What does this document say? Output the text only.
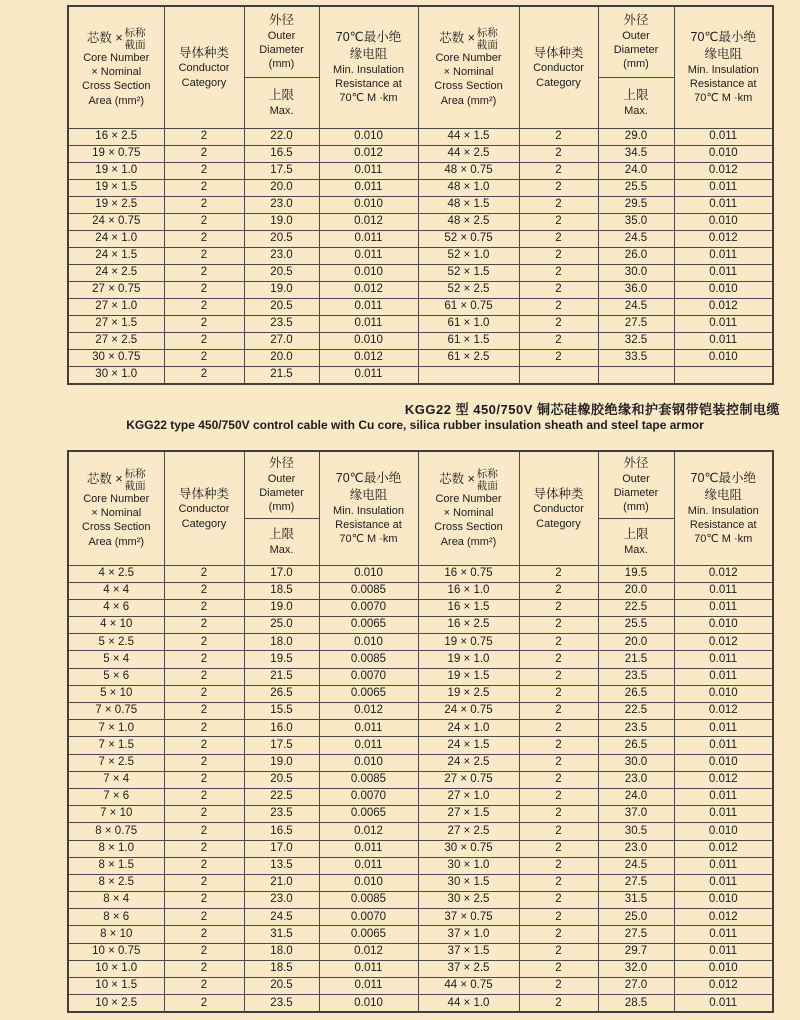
芯数 × 标称
截面
Core Number
× Nominal
Cross Section
Area (mm²)

导体种类
Conductor
Category

外径
Outer
Diameter
(mm)

70℃最小绝
缘电阻
Min. Insulation
Resistance at
70℃ M ·km

芯数 × 标称
截面
Core Number
× Nominal
Cross Section
Area (mm²)

导体种类
Conductor
Category

外径
Outer
Diameter
(mm)

70℃最小绝
缘电阻
Min. Insulation
Resistance at
70℃ M ·km

		上限
Max.				上限
Max.	

16 × 2.5	2	22.0	0.010	44 × 1.5	2	29.0	0.011
19 × 0.75	2	16.5	0.012	44 × 2.5	2	34.5	0.010
19 × 1.0	2	17.5	0.011	48 × 0.75	2	24.0	0.012
19 × 1.5	2	20.0	0.011	48 × 1.0	2	25.5	0.011
19 × 2.5	2	23.0	0.010	48 × 1.5	2	29.5	0.011
24 × 0.75	2	19.0	0.012	48 × 2.5	2	35.0	0.010
24 × 1.0	2	20.5	0.011	52 × 0.75	2	24.5	0.012
24 × 1.5	2	23.0	0.011	52 × 1.0	2	26.0	0.011
24 × 2.5	2	20.5	0.010	52 × 1.5	2	30.0	0.011
27 × 0.75	2	19.0	0.012	52 × 2.5	2	36.0	0.010
27 × 1.0	2	20.5	0.011	61 × 0.75	2	24.5	0.012
27 × 1.5	2	23.5	0.011	61 × 1.0	2	27.5	0.011
27 × 2.5	2	27.0	0.010	61 × 1.5	2	32.5	0.011
30 × 0.75	2	20.0	0.012	61 × 2.5	2	33.5	0.010
30 × 1.0	2	21.5	0.011				
KGG22 型 450/750V 铜芯硅橡胶绝缘和护套钢带铠装控制电缆
KGG22 type 450/750V control cable with Cu core, silica rubber insulation sheath and steel tape armor
芯数 × 标称
截面
Core Number
× Nominal
Cross Section
Area (mm²)

导体种类
Conductor
Category

外径
Outer
Diameter
(mm)

70℃最小绝
缘电阻
Min. Insulation
Resistance at
70℃ M ·km

芯数 × 标称
截面
Core Number
× Nominal
Cross Section
Area (mm²)

导体种类
Conductor
Category

外径
Outer
Diameter
(mm)

70℃最小绝
缘电阻
Min. Insulation
Resistance at
70℃ M ·km

		上限
Max.				上限
Max.	

4 × 2.5	2	17.0	0.010	16 × 0.75	2	19.5	0.012
4 × 4	2	18.5	0.0085	16 × 1.0	2	20.0	0.011
4 × 6	2	19.0	0.0070	16 × 1.5	2	22.5	0.011
4 × 10	2	25.0	0.0065	16 × 2.5	2	25.5	0.010
5 × 2.5	2	18.0	0.010	19 × 0.75	2	20.0	0.012
5 × 4	2	19.5	0.0085	19 × 1.0	2	21.5	0.011
5 × 6	2	21.5	0.0070	19 × 1.5	2	23.5	0.011
5 × 10	2	26.5	0.0065	19 × 2.5	2	26.5	0.010
7 × 0.75	2	15.5	0.012	24 × 0.75	2	22.5	0.012
7 × 1.0	2	16.0	0.011	24 × 1.0	2	23.5	0.011
7 × 1.5	2	17.5	0.011	24 × 1.5	2	26.5	0.011
7 × 2.5	2	19.0	0.010	24 × 2.5	2	30.0	0.010
7 × 4	2	20.5	0.0085	27 × 0.75	2	23.0	0.012
7 × 6	2	22.5	0.0070	27 × 1.0	2	24.0	0.011
7 × 10	2	23.5	0.0065	27 × 1.5	2	37.0	0.011
8 × 0.75	2	16.5	0.012	27 × 2.5	2	30.5	0.010
8 × 1.0	2	17.0	0.011	30 × 0.75	2	23.0	0.012
8 × 1.5	2	13.5	0.011	30 × 1.0	2	24.5	0.011
8 × 2.5	2	21.0	0.010	30 × 1.5	2	27.5	0.011
8 × 4	2	23.0	0.0085	30 × 2.5	2	31.5	0.010
8 × 6	2	24.5	0.0070	37 × 0.75	2	25.0	0.012
8 × 10	2	31.5	0.0065	37 × 1.0	2	27.5	0.011
10 × 0.75	2	18.0	0.012	37 × 1.5	2	29.7	0.011
10 × 1.0	2	18.5	0.011	37 × 2.5	2	32.0	0.010
10 × 1.5	2	20.5	0.011	44 × 0.75	2	27.0	0.012
10 × 2.5	2	23.5	0.010	44 × 1.0	2	28.5	0.011
